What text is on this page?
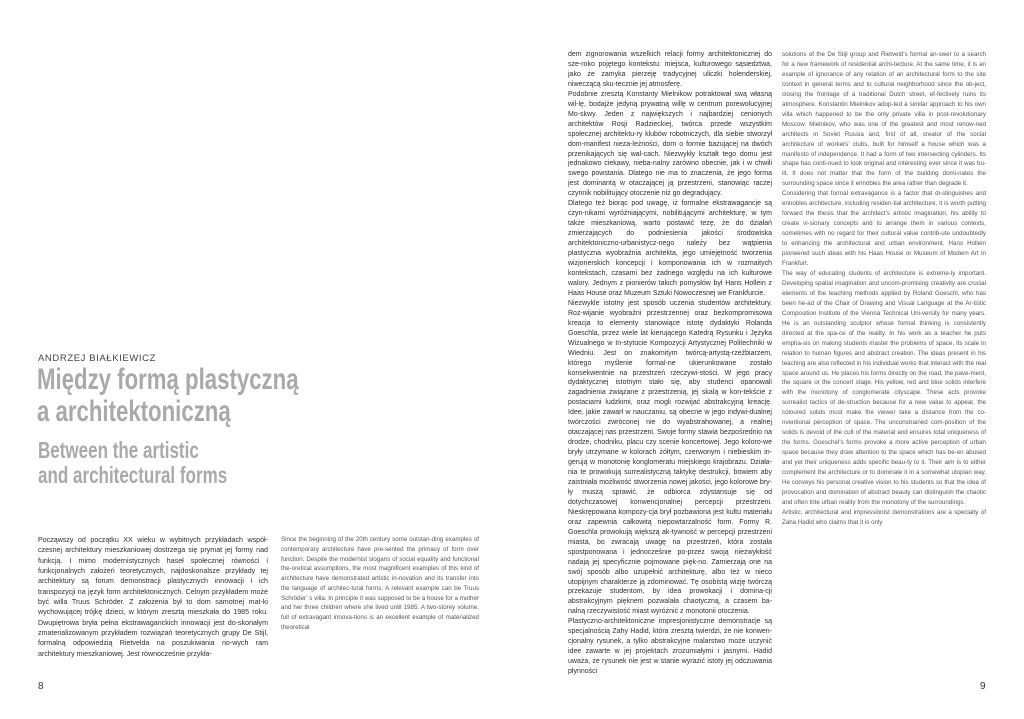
ANDRZEJ BIAŁKIEWICZ
Między formą plastyczną
a architektoniczną
Between the artistic
and architectural forms

Począwszy od początku XX wieku w wybitnych przykładach współ-czesnej architektury mieszkaniowej dostrzega się prymat jej formy nad funkcją. I mimo modernistycznych haseł społecznej równości i funkcjonalnych założeń teoretycznych, najdoskonalsze przykłady tej architektury są forum demonstracji plastycznych innowacji i ich transpozycji na język form architektonicznych. Celnym przykładem może być willa Truus Schröder. Z założenia był to dom samotnej mat-ki wychowującej trójkę dzieci, w którym zresztą mieszkała do 1985 roku. Dwupiętrowa bryła pełna ekstrawaganckich innowacji jest do-skonałym zmaterializowanym przykładem rozwiązań teoretycznych grupy De Stijl, formalną odpowiedzią Rietvelda na poszukiwania no-wych ram architektury mieszkaniowej. Jest równocześnie przykła-

Since the beginning of the 20th century some outstan-ding examples of contemporary architecture have pre-sented the primacy of form over function. Despite the modernist slogans of social equality and functional the-oretical assumptions, the most magnificent examples of this kind of architecture have demonstrated artistic in-novation and its transfer into the language of architec-tural forms. A relevant example can be Truus Schröder’ s villa. In principle it was supposed to be a house for a mother and her three children where she lived until 1985. A two-storey volume, full of extravagant innova-tions is an excellent example of materialized theoretical

dem zignorowania wszelkich relacji formy architektonicznej do sze-roko pojętego kontekstu: miejsca, kulturowego sąsiedztwa, jako że zamyka pierzeję tradycyjnej uliczki holenderskiej, niweczącą sku-tecznie jej atmosferę.

Podobnie zresztą Konstanty Mielnikow potraktował swą własną wil-lę, bodajże jedyną prywatną willę w centrum porewolucyjnej Mo-skwy. Jeden z największych i najbardziej cenionych architektów Rosji Radzieckiej, twórca przede wszystkim społecznej architektu-ry klubów robotniczych, dla siebie stworzył dom-manifest nieza-leżności, dom o formie bazującej na dwóch przenikających się wal-cach. Niezwykły kształt tego domu jest jednakowo ciekawy, nieba-nalny zarówno obecnie, jak i w chwili swego powstania. Dlatego nie ma to znaczenia, że jego forma jest dominantą w otaczającej ją przestrzeni, stanowiąc raczej czynnik nobilitujący otoczenie niż go degradujący.

Dlatego też biorąc pod uwagę, iż formalne ekstrawagancje są czyn-nikami wyróżniającymi, nobilitującymi architekturę, w tym także mieszkaniową, warto postawić tezę, że do działań zmierzających do podniesienia jakości środowiska architektoniczno-urbanistycz-nego należy bez wątpienia plastyczna wyobraźnia architekta, jego umiejętność tworzenia wizjonerskich koncepcji i komponowania ich w rozmaitych kontekstach, czasami bez żadnego względu na ich kulturowe walory. Jednym z pionierów takich pomysłów był Hans Hollein z Haas House oraz Muzeum Sztuki Nowoczesnej we Frankfurcie.

Niezwykle istotny jest sposób uczenia studentów architektury. Roz-wijanie wyobraźni przestrzennej oraz bezkompromisowa kreacja to elementy stanowiące istotę dydaktyki Rolanda Goeschla, przez wiele lat kierującego Katedrą Rysunku i Języka Wizualnego w In-stytucie Kompozycji Artystycznej Politechniki w Wiedniu. Jest on znakomitym twórcą-artystą-rzeźbiarzem, którego myślenie formal-ne ukierunkowane zostało konsekwentnie na przestrzeń rzeczywi-stości. W jego pracy dydaktycznej istotnym stało się, aby studenci opanowali zagadnienia związane z przestrzenią, jej skalą w kon-tekście z postaciami ludzkimi, oraz mogli rozwijać abstrakcyjną kreację. Idee, jakie zawarł w nauczaniu, są obecne w jego indywi-dualnej twórczości zwróconej nie do wyabstrahowanej, a realnej otaczającej nas przestrzeni. Swoje formy stawia bezpośrednio na drodze, chodniku, placu czy scenie koncertowej. Jego koloro-we bryły utrzymane w kolorach żółtym, czerwonym i niebieskim in-gerują w monotonię konglomeratu miejskiego krajobrazu. Działa-nia te prowokują surrealistyczną taktykę destrukcji, bowiem aby zaistniała możliwość stworzenia nowej jakości, jego kolorowe bry-ły muszą sprawić, że odbiorca zdystansuje się od dotychczasowej konwencjonalnej percepcji przestrzeni. Nieskrępowana kompozy-cja brył pozbawiona jest kultu materiału oraz zapewnia całkowitą niepowtarzalność form. Formy R. Goeschla prowokują większą ak-tywność w percepcji przestrzeni miasta, bo zwracają uwagę na przestrzeń, która została spostponowana i jednocześnie po-przez swoją niezwykłość nadają jej specyficznie pojmowane pięk-no. Zamierzają one na swój sposób albo uzupełnić architekturę, albo też w nieco utopijnym charakterze ją zdominować. Tę osobistą wizję twórczą przekazuje studentom, by idea prowokacji i domina-cji abstrakcyjnym pięknem pozwalała chaotyczną, a czasem ba-nalną rzeczywistość miast wyróżnić z monotonii otoczenia.

Plastyczno-architektoniczne impresjonistyczne demonstracje są specjalnością Zahy Hadid, która zresztą twierdzi, że nie konwen-cjonalny rysunek, a tylko abstrakcyjne malarstwo może uczynić idee zawarte w jej projektach zrozumiałymi i jasnymi. Hadid uważa, że rysunek nie jest w stanie wyrazić istoty jej odczuwania płynności

solutions of the De Stijl group and Rietveld’s formal an-swer to a search for a new framework of residential archi-tecture. At the same time, it is an example of ignorance of any relation of an architectural form to the site context in general terms and to cultural neighborhood since the ob-ject, closing the frontage of a traditional Dutch street, ef-fectively ruins its atmosphere. Konstantin Mielnikov adop-ted a similar approach to his own villa which happened to be the only private villa in post-revolutionary Moscow. Mielnikov, who was one of the greatest and most renow-ned architects in Soviet Russia and, first of all, creator of the social architecture of workers’ clubs, built for himself a house which was a manifesto of independence. It had a form of two intersecting cylinders. Its shape has conti-nued to look original and interesting ever since it was bu-ilt. It does not matter that the form of the building domi-nates the surrounding space since it ennobles the area rather than degrade it.

Considering that formal extravagance is a factor that di-stinguishes and ennobles architecture, including residen-tial architecture, it is worth putting forward the thesis that the architect’s artistic imagination, his ability to create vi-sionary concepts and to arrange them in various contexts, sometimes with no regard for their cultural value contrib-ute undoubtedly to enhancing the architectural and urban environment. Hans Hollein pioneered such ideas with his Haas House or Museum of Modern Art in Frankfurt.

The way of educating students of architecture is extreme-ly important. Developing spatial imagination and uncom-promising creativity are crucial elements of the teaching methods applied by Roland Goeschl, who has been he-ad of the Chair of Drawing and Visual Language at the Ar-tistic Composition Institute of the Vienna Technical Uni-versity for many years. He is an outstanding sculptor whose formal thinking is consistently directed at the spa-ce of the reality. In his work as a teacher he puts empha-sis on making students master the problems of space, its scale in relation to human figures and abstract creation. The ideas present in his teaching are also reflected in his individual works that interact with the real space around us. He places his forms directly on the road, the pave-ment, the square or the concert stage. His yellow, red and blue solids interfere with the monotony of conglomerate cityscape. These acts provoke surrealist tactics of de-struction because for a new value to appear, the coloured solids must make the viewer take a distance from the co-nventional perception of space. The unconstrained com-position of the solids is devoid of the cult of the material and ensures total uniqueness of the forms. Goeschel’s forms provoke a more active perception of urban space because they draw attention to the space which has be-en abused and yet their uniqueness adds specific beau-ty to it. Their aim is to either complement the architecture or to dominate it in a somewhat utopian way. He conveys his personal creative vision to his students so that the idea of provocation and domination of abstract beauty can distinguish the chaotic and often trite urban reality from the monotony of the surroundings.

Artistic, architectural and impressionist demonstrations are a specialty of Zaha Hadid who claims that it is only

8	9
